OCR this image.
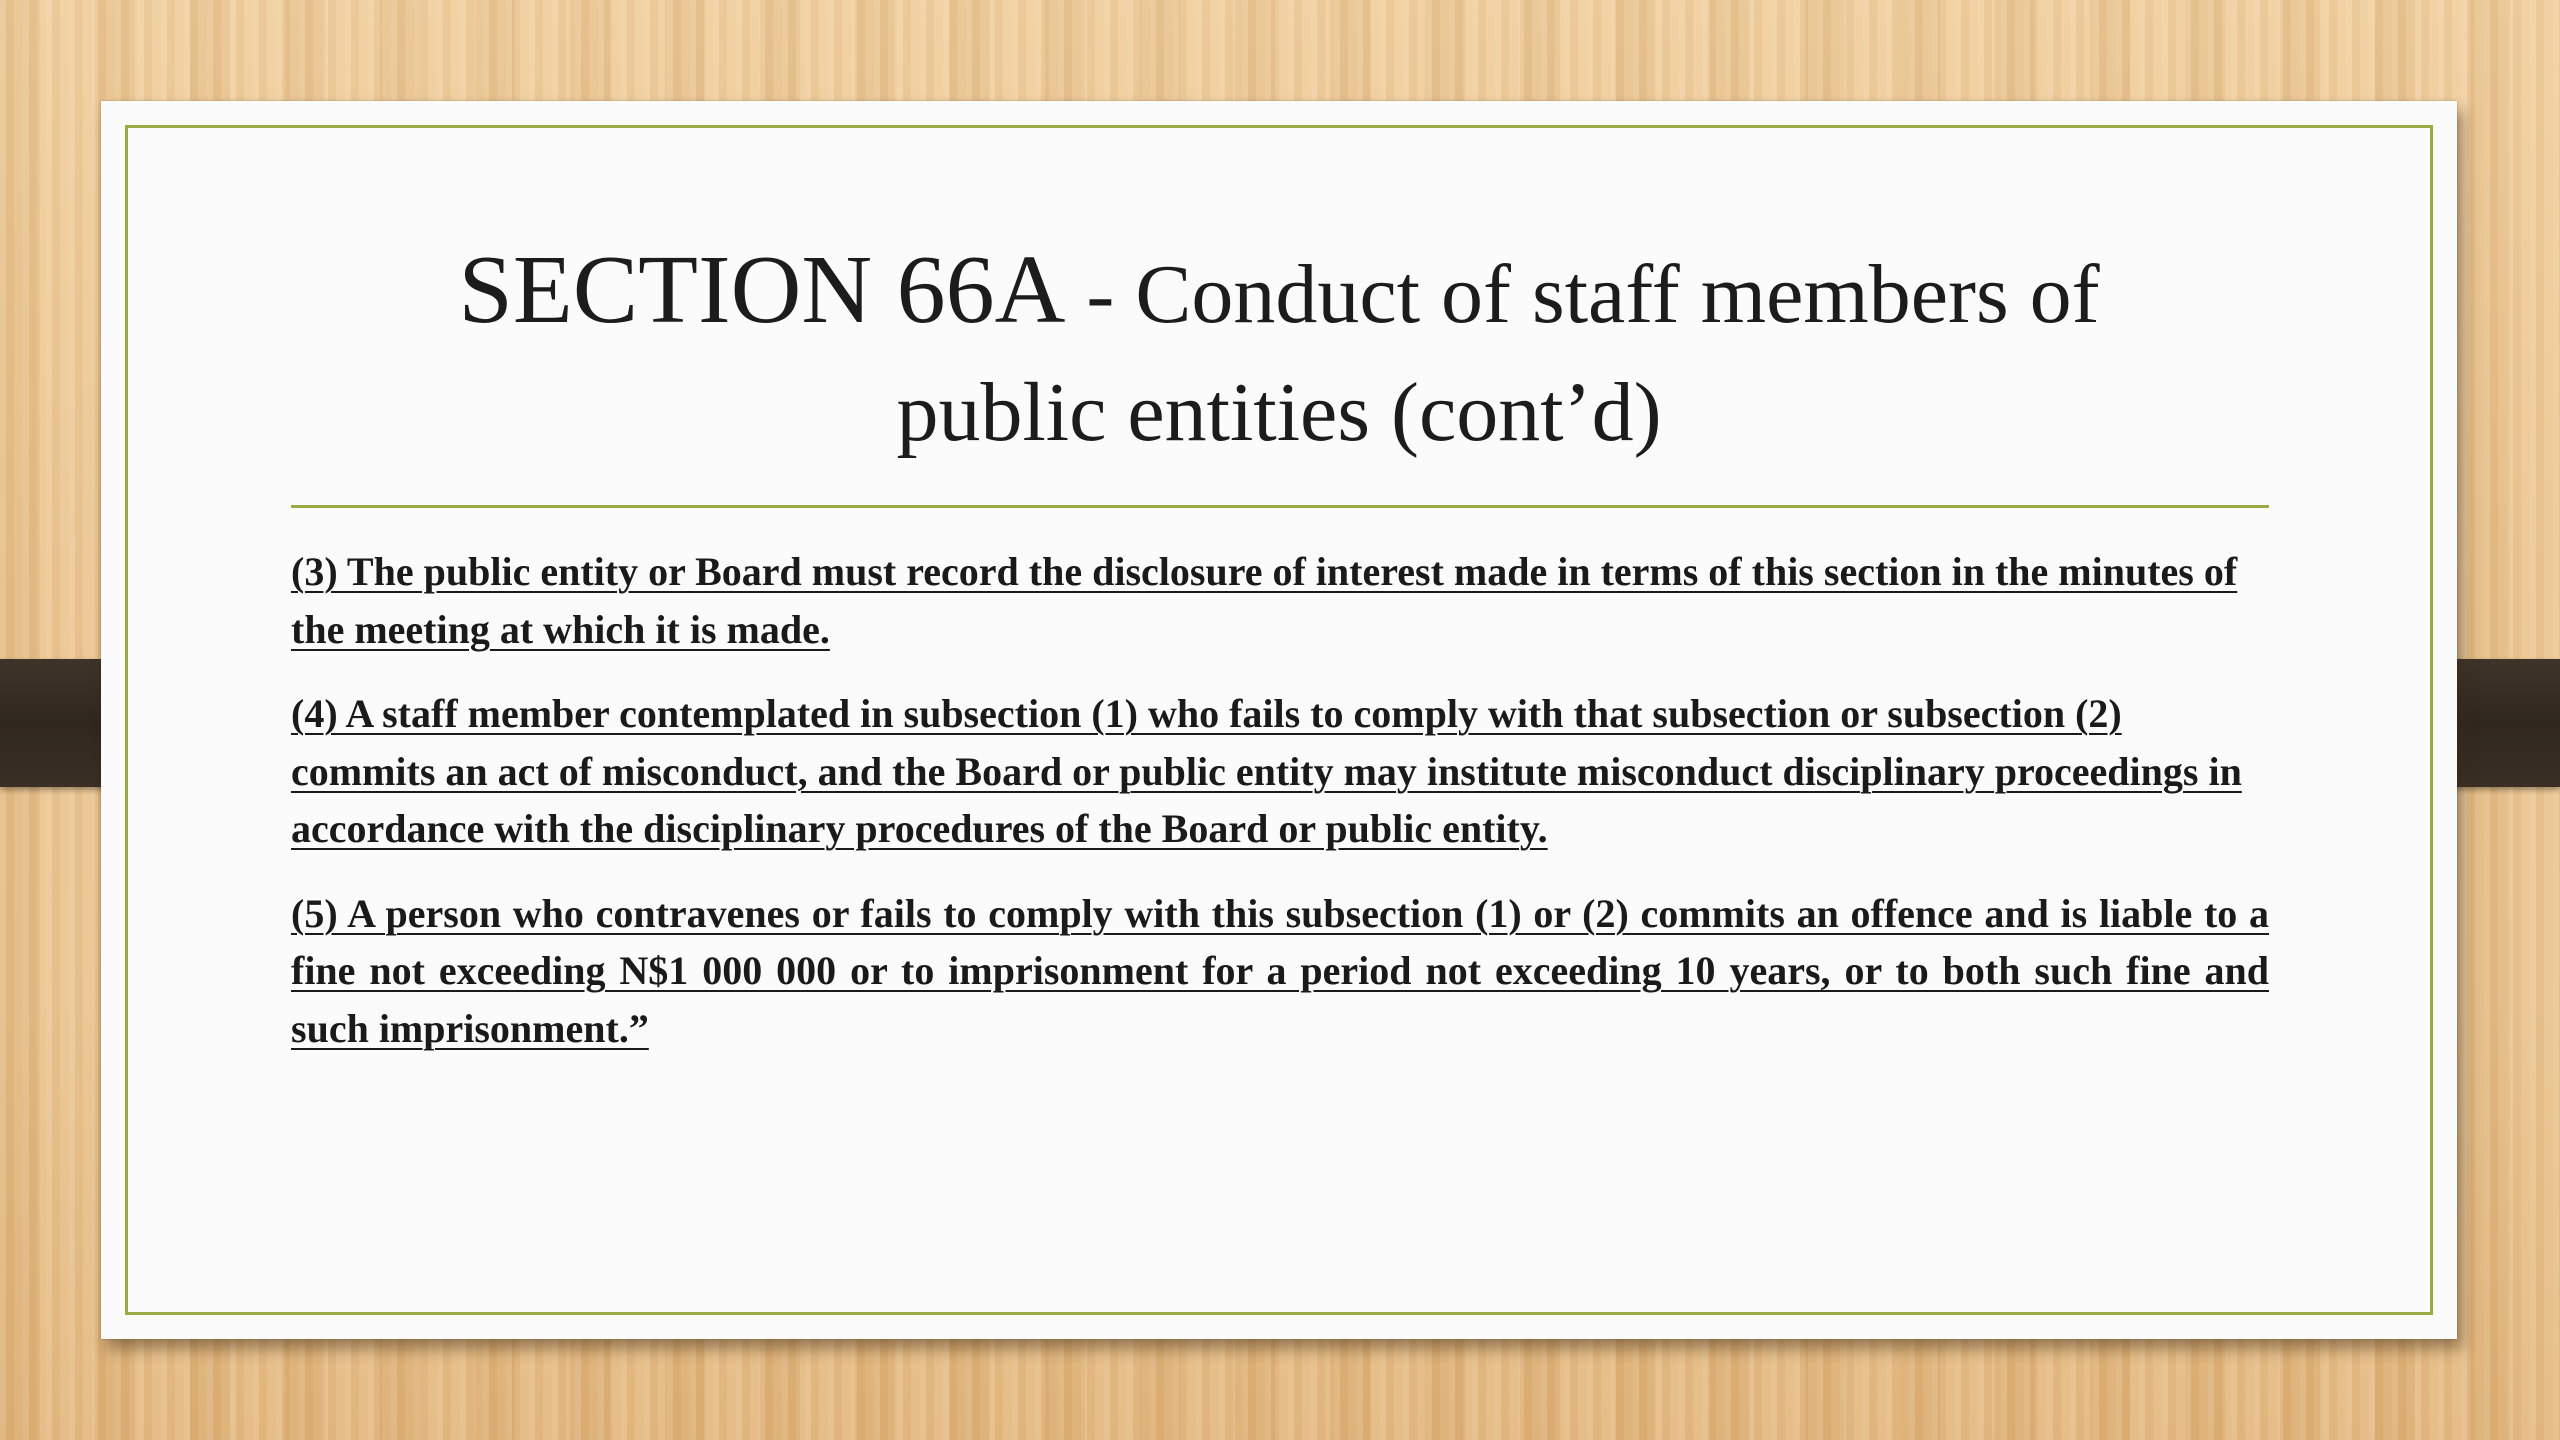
SECTION 66A - Conduct of staff members of
public entities (cont’d)

(3) The public entity or Board must record the disclosure of interest made in terms of this section in the minutes of the meeting at which it is made.

(4) A staff member contemplated in subsection (1) who fails to comply with that subsection or subsection (2) commits an act of misconduct, and the Board or public entity may institute misconduct disciplinary proceedings in accordance with the disciplinary procedures of the Board or public entity.

(5) A person who contravenes or fails to comply with this subsection (1) or (2) commits an offence and is liable to a fine not exceeding N$1 000 000 or to imprisonment for a period not exceeding 10 years, or to both such fine and such imprisonment.”
